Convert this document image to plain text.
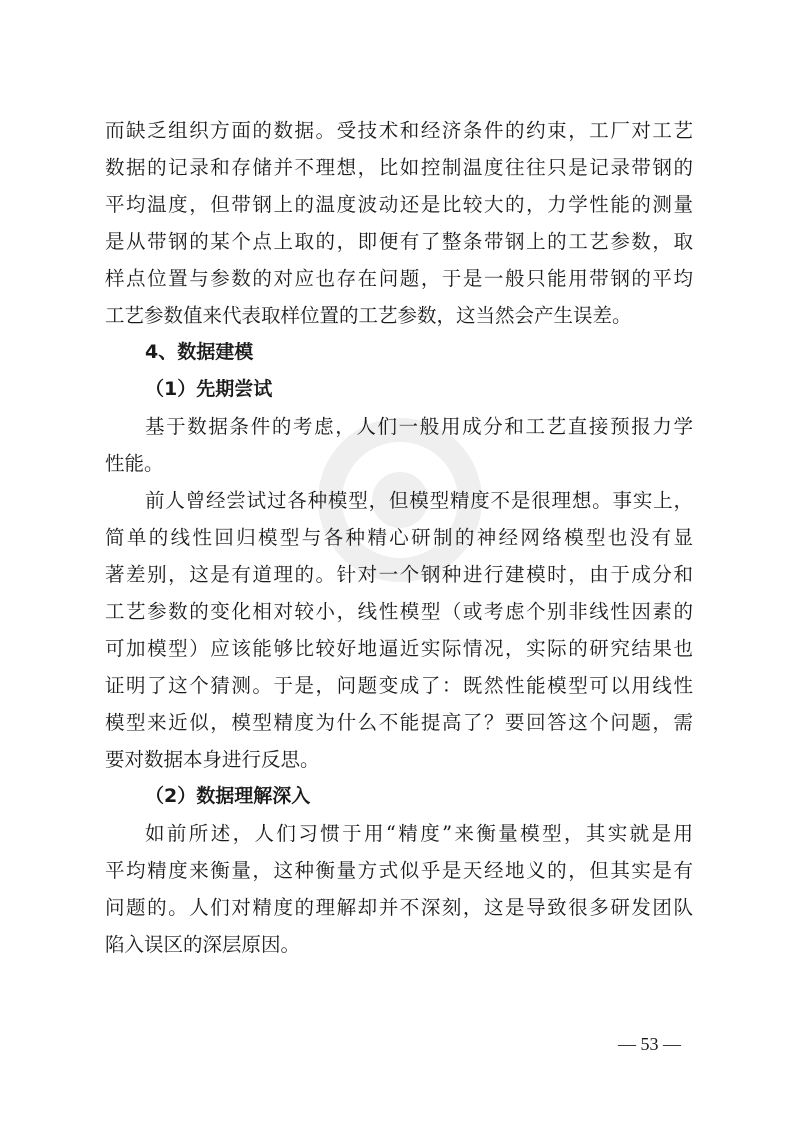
而缺乏组织方面的数据。受技术和经济条件的约束，工厂对工艺
数据的记录和存储并不理想，比如控制温度往往只是记录带钢的
平均温度，但带钢上的温度波动还是比较大的，力学性能的测量
是从带钢的某个点上取的，即便有了整条带钢上的工艺参数，取
样点位置与参数的对应也存在问题，于是一般只能用带钢的平均
工艺参数值来代表取样位置的工艺参数，这当然会产生误差。
4、数据建模
（1）先期尝试
基于数据条件的考虑，人们一般用成分和工艺直接预报力学
性能。
前人曾经尝试过各种模型，但模型精度不是很理想。事实上，
简单的线性回归模型与各种精心研制的神经网络模型也没有显
著差别，这是有道理的。针对一个钢种进行建模时，由于成分和
工艺参数的变化相对较小，线性模型（或考虑个别非线性因素的
可加模型）应该能够比较好地逼近实际情况，实际的研究结果也
证明了这个猜测。于是，问题变成了：既然性能模型可以用线性
模型来近似，模型精度为什么不能提高了？要回答这个问题，需
要对数据本身进行反思。
（2）数据理解深入
如前所述，人们习惯于用“精度”来衡量模型，其实就是用
平均精度来衡量，这种衡量方式似乎是天经地义的，但其实是有
问题的。人们对精度的理解却并不深刻，这是导致很多研发团队
陷入误区的深层原因。
— 53 —
